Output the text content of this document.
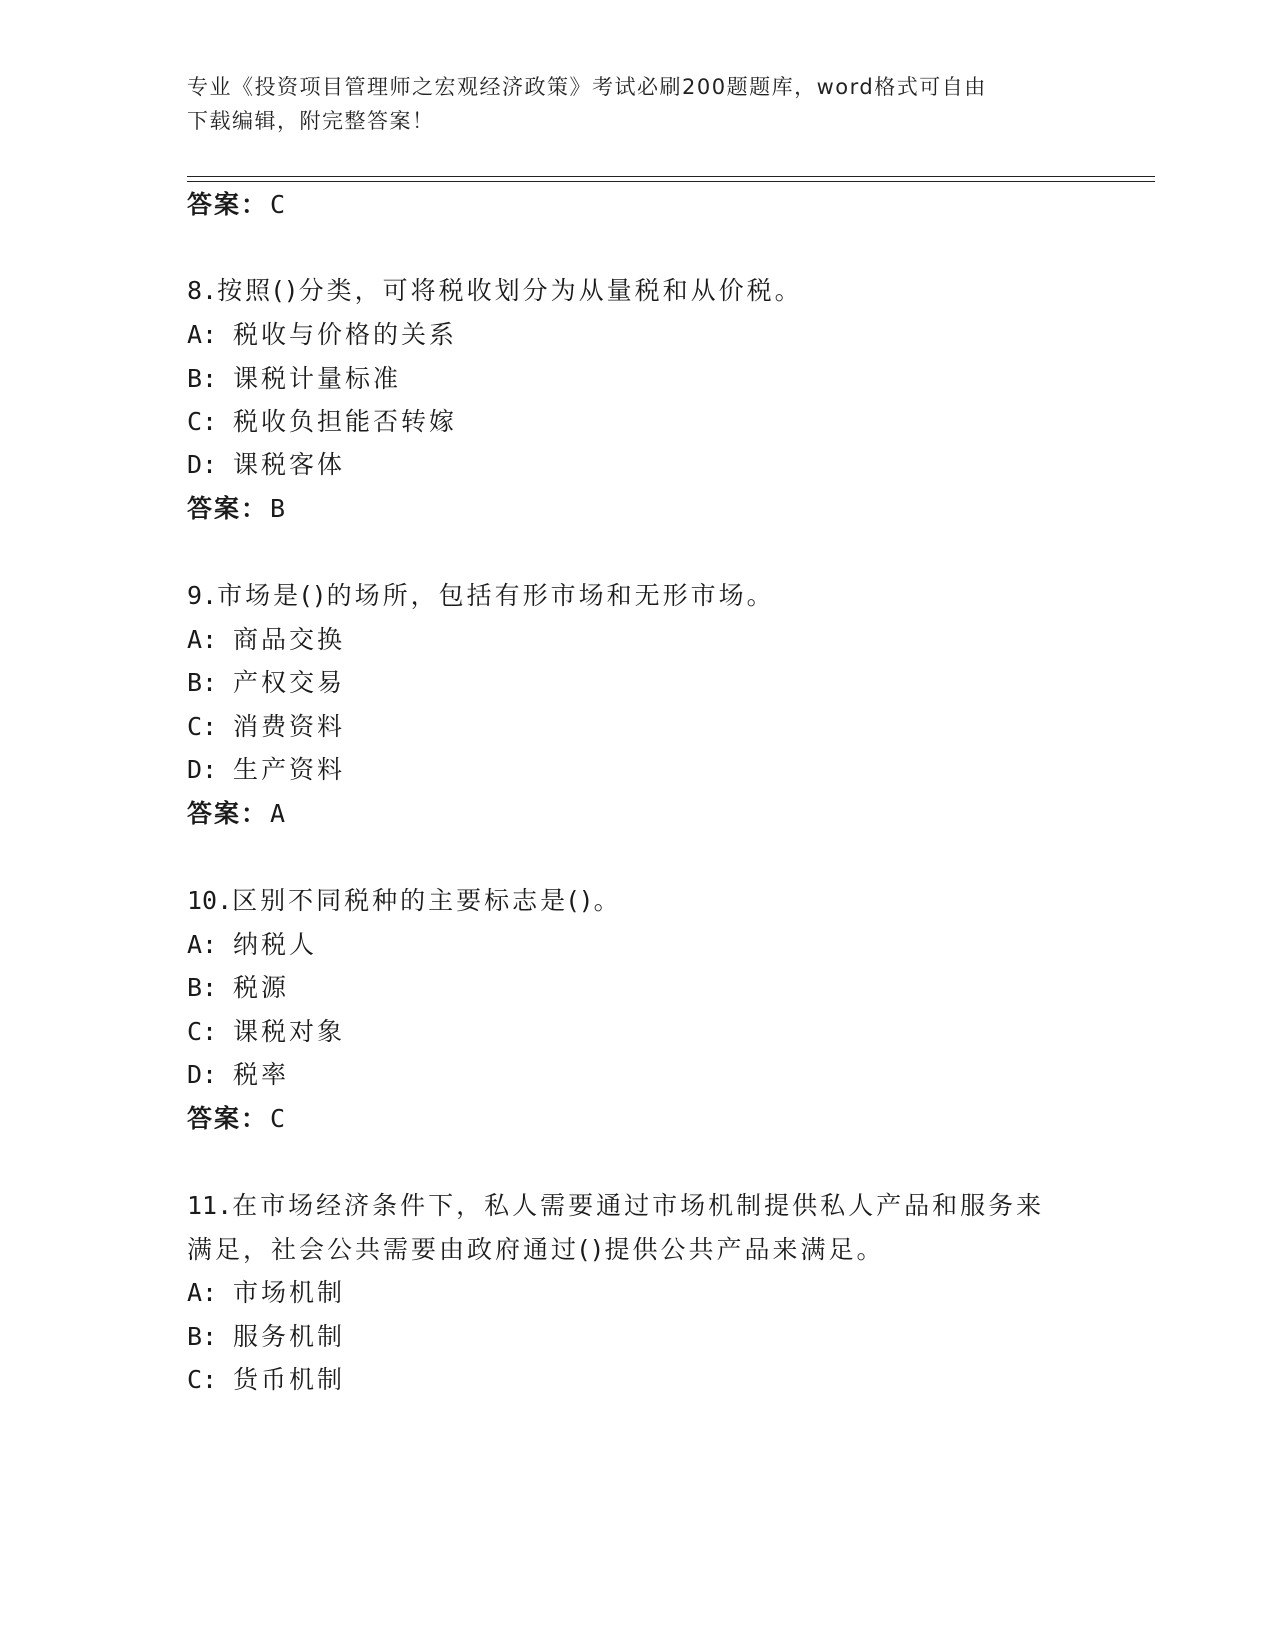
专业《投资项目管理师之宏观经济政策》考试必刷200题题库，word格式可自由
下载编辑，附完整答案！
答案：C
8.按照()分类，可将税收划分为从量税和从价税。
A: 税收与价格的关系
B: 课税计量标准
C: 税收负担能否转嫁
D: 课税客体
答案：B
9.市场是()的场所，包括有形市场和无形市场。
A: 商品交换
B: 产权交易
C: 消费资料
D: 生产资料
答案：A
10.区别不同税种的主要标志是()。
A: 纳税人
B: 税源
C: 课税对象
D: 税率
答案：C
11.在市场经济条件下，私人需要通过市场机制提供私人产品和服务来
满足，社会公共需要由政府通过()提供公共产品来满足。
A: 市场机制
B: 服务机制
C: 货币机制
